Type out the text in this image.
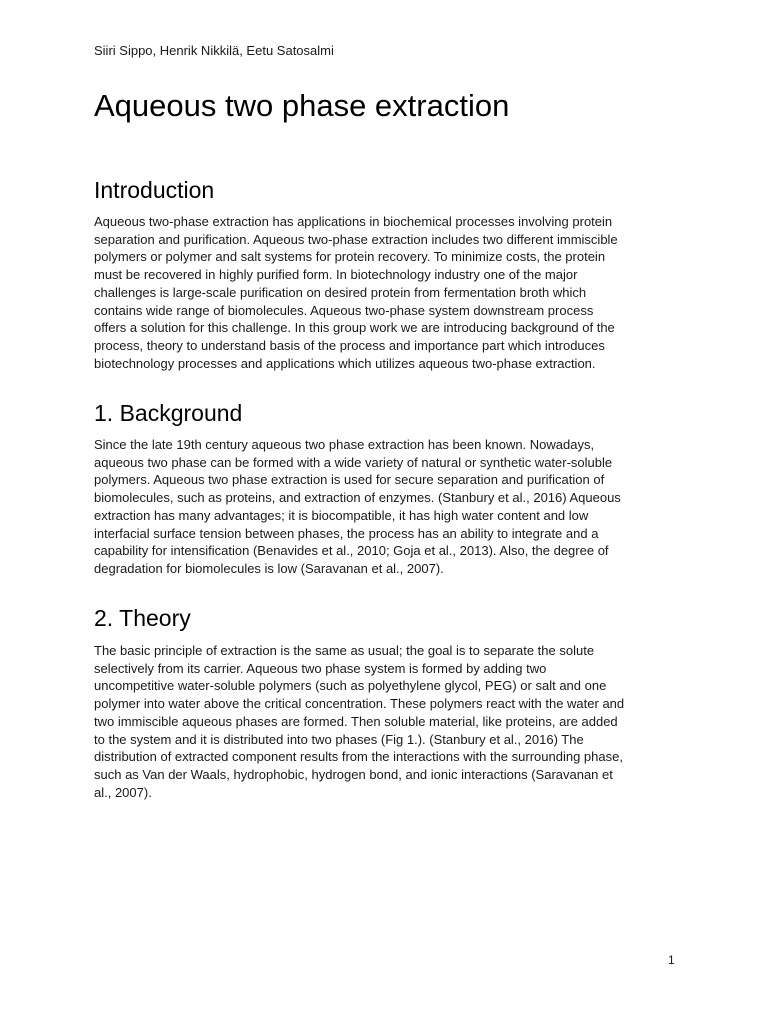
Siiri Sippo, Henrik Nikkilä, Eetu Satosalmi
Aqueous two phase extraction
Introduction
Aqueous two-phase extraction has applications in biochemical processes involving protein
separation and purification. Aqueous two-phase extraction includes two different immiscible
polymers or polymer and salt systems for protein recovery. To minimize costs, the protein
must be recovered in highly purified form. In biotechnology industry one of the major
challenges is large-scale purification on desired protein from fermentation broth which
contains wide range of biomolecules. Aqueous two-phase system downstream process
offers a solution for this challenge. In this group work we are introducing background of the
process, theory to understand basis of the process and importance part which introduces
biotechnology processes and applications which utilizes aqueous two-phase extraction.
1. Background
Since the late 19th century aqueous two phase extraction has been known. Nowadays,
aqueous two phase can be formed with a wide variety of natural or synthetic water-soluble
polymers. Aqueous two phase extraction is used for secure separation and purification of
biomolecules, such as proteins, and extraction of enzymes. (Stanbury et al., 2016) Aqueous
extraction has many advantages; it is biocompatible, it has high water content and low
interfacial surface tension between phases, the process has an ability to integrate and a
capability for intensification (Benavides et al., 2010; Goja et al., 2013). Also, the degree of
degradation for biomolecules is low (Saravanan et al., 2007).
2. Theory
The basic principle of extraction is the same as usual; the goal is to separate the solute
selectively from its carrier. Aqueous two phase system is formed by adding two
uncompetitive water-soluble polymers (such as polyethylene glycol, PEG) or salt and one
polymer into water above the critical concentration. These polymers react with the water and
two immiscible aqueous phases are formed. Then soluble material, like proteins, are added
to the system and it is distributed into two phases (Fig 1.). (Stanbury et al., 2016) The
distribution of extracted component results from the interactions with the surrounding phase,
such as Van der Waals, hydrophobic, hydrogen bond, and ionic interactions (Saravanan et
al., 2007).
1
